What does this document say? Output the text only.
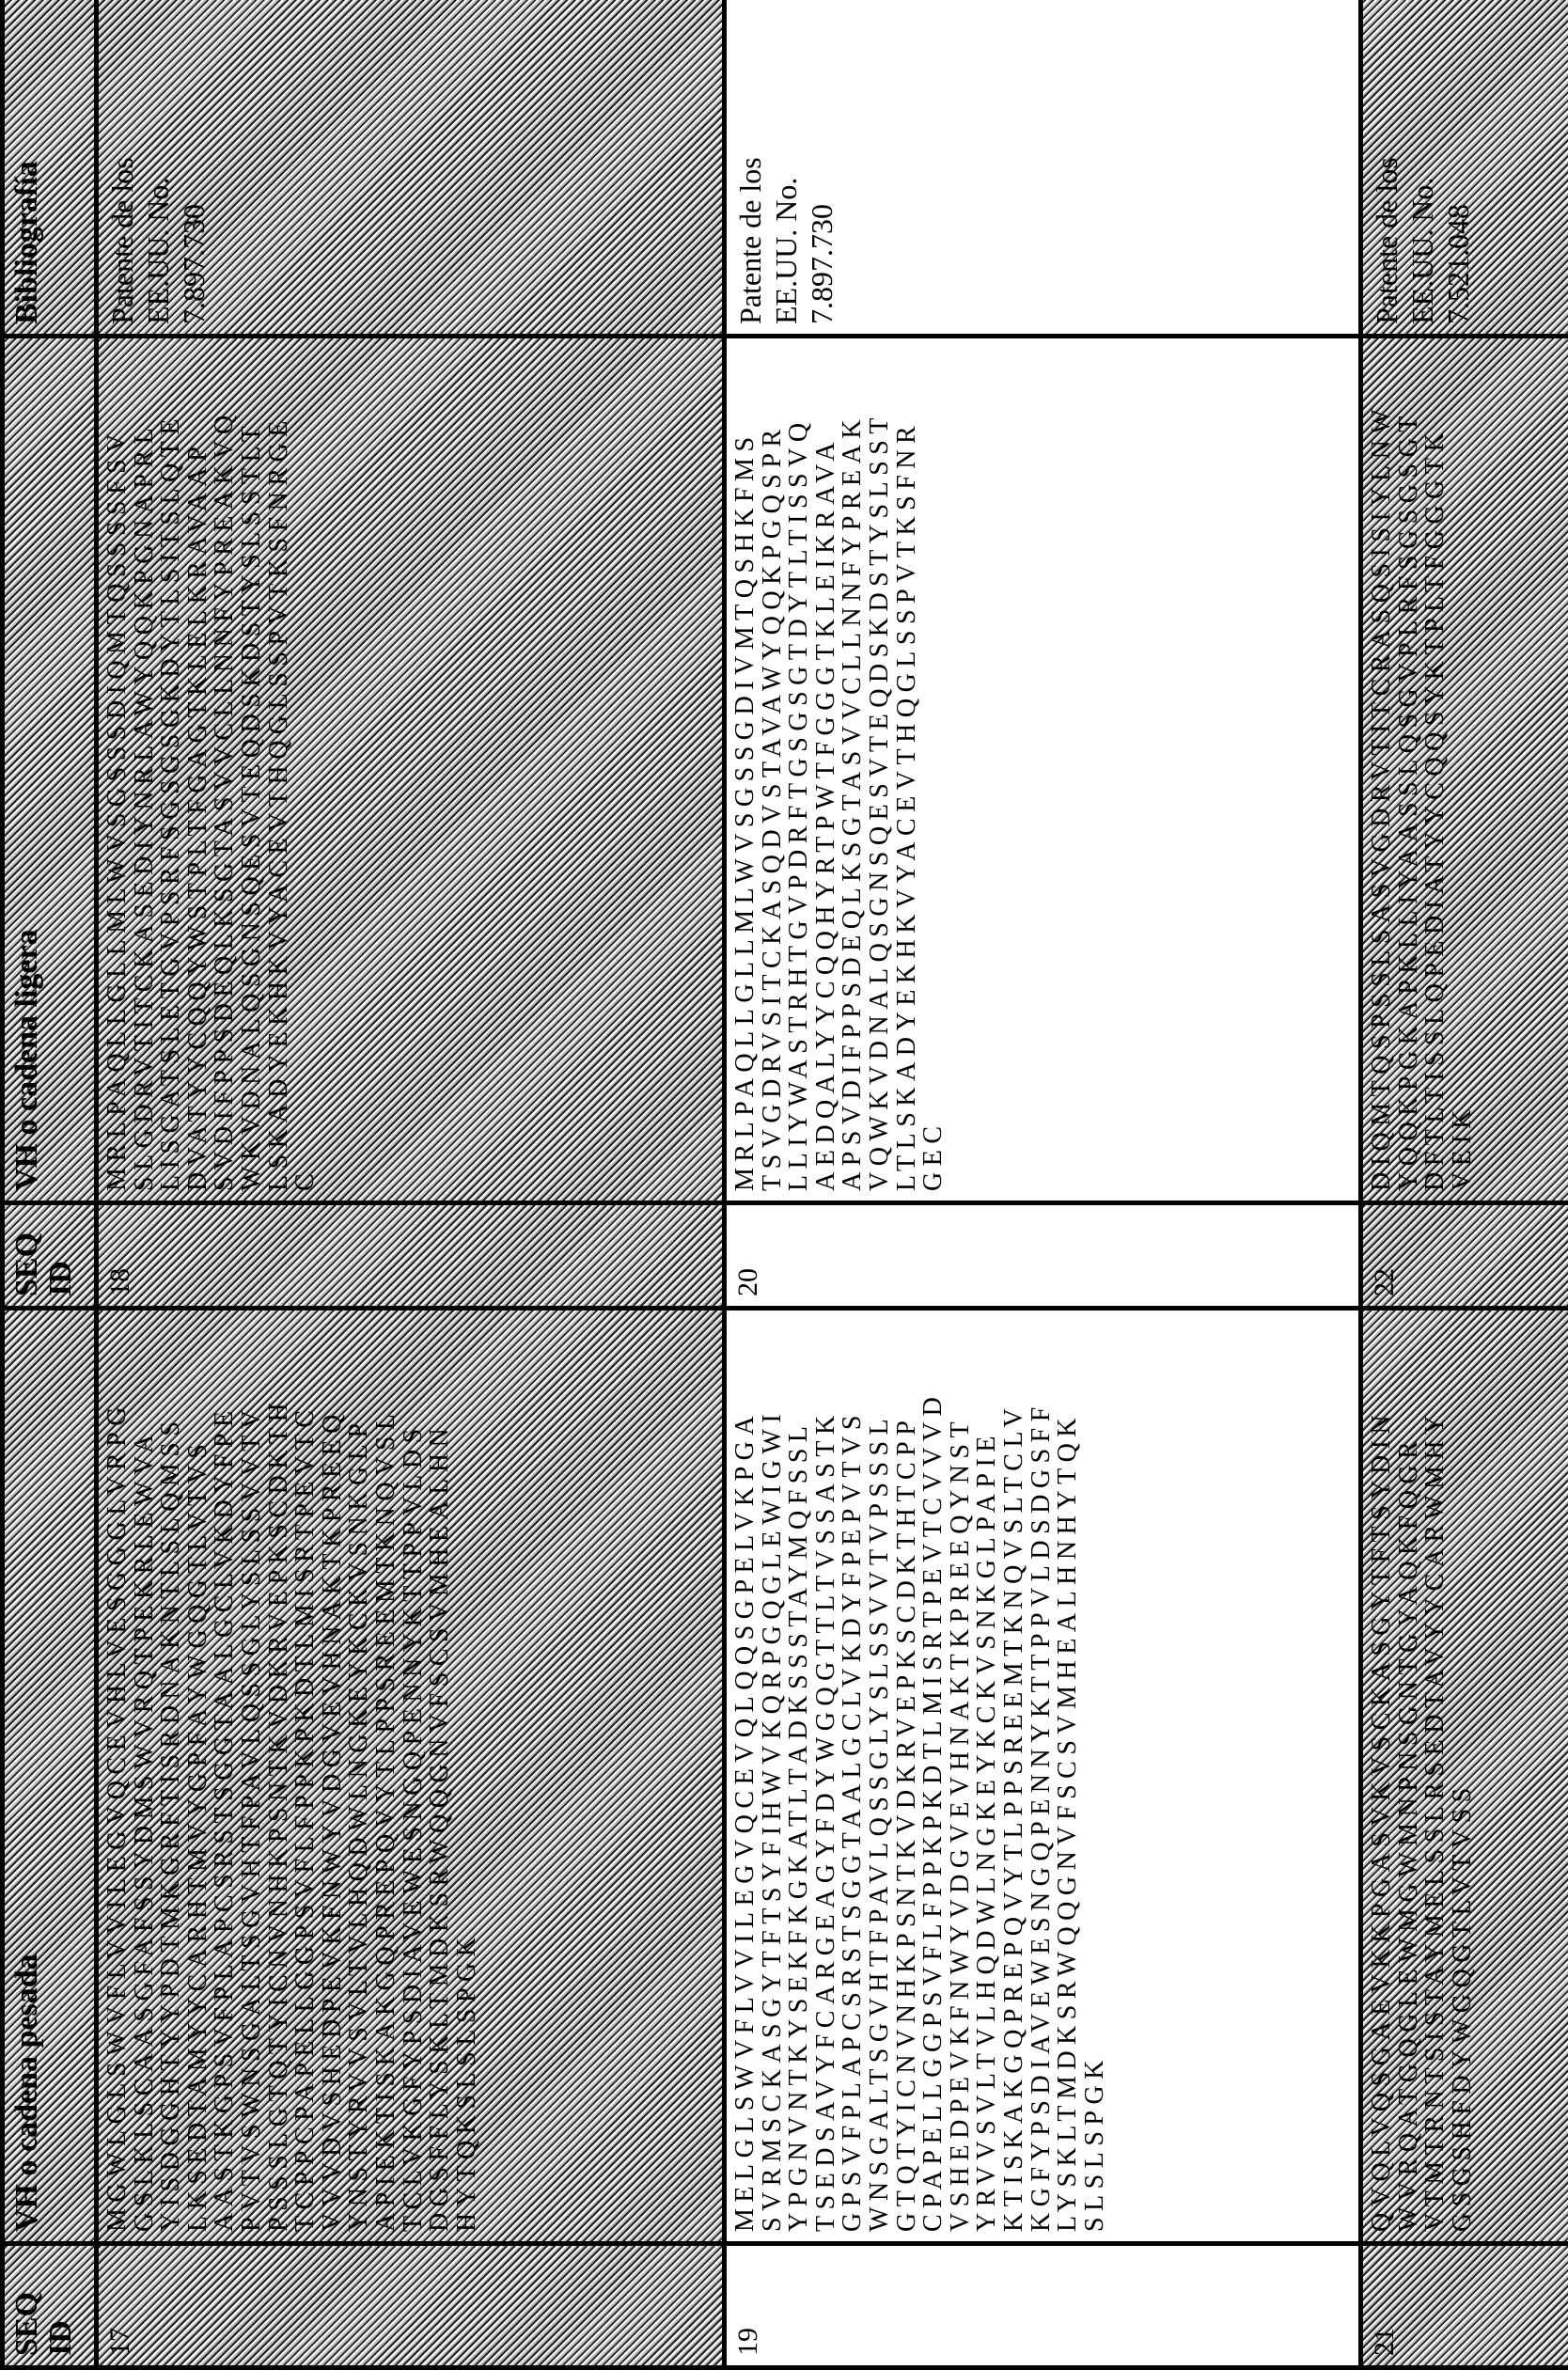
SEQ ID	VH o cadena pesada	SEQ ID	VH o cadena ligera	Bibliografía
17	
MGWLGLSWVFLVVILEGVQCEVHLVESGGGLVRPG
GSLKLSCAASGFAFSSYDMSWVRQTPEKRLEWVA
YISDGGHTYYPDTMKGRFTISRDNAKNTLSLQMSS
LKSEDTAMYYCARHTMVYGPFAYWGQGTLVTVS
AASTKGPSVFPLAPCSRSTSGGTAALGCLVKDYFPE
PVTVSWNSGALTSGVHTFPAVLQSSGLYSLSSVVTV
PSSSLGTQTYICNVNHKPSNTKVDKRVEPKSCDKTH
TCPPCPAPELLGGPSVFLFPPKPKDTLMISRTPEVTC
VVVDVSHEDPEVKFNWYVDGVEVHNAKTKPREEQ
YNSTYRVVSVLTVLHQDWLNGKEYKCKVSNKGLP
APIEKTISKAKGQPREPQVYTLPPSREEMTKNQVSL
TCLVKGFYPSDIAVEWESNGQPENNYKTTPPVLDS
DGSFFLYSKLTMDKSRWQQGNVFSCSVMHEALHN
HYTQKSLSLSPGK
	18	
MRLPAQLLGLLMLWVSGSSSDIQMTQSSSSFSV
SLGDRVTITCKASEDIYNRLAWYQQKPGNAPRL
LISGATSLETGVPSRFSGSGSGKDYTLSITSLQTE
DVATYYCQQYWSTPLTFGAGTKLELKRAVAAP
SVDIFPPSDEQLKSGTASVVCLLNNFYPREAKVQ
WKVDNALQSGNSQESVTEQDSKDSTYSLSSTLT
LSKADYEKHKVYACEVTHQGLSSPVTKSFNRGE
C

Patente de los EE.UU. No. 7.897.730

19	
MELGLSWVFLVVILEGVQCEVQLQQSGPELVKPGA
SVRMSCKASGYTFTSYFIHWVKQRPGQGLEWIGWI
YPGNVNTKYSEKFKGKATLTADKSSSTAYMQFSSL
TSEDSAVYFCARGEAGYFDYWGQGTTLTVSSASTK
GPSVFPLAPCSRSTSGGTAALGCLVKDYFPEPVTVS
WNSGALTSGVHTFPAVLQSSGLYSLSSVVTVPSSSL
GTQTYICNVNHKPSNTKVDKRVEPKSCDKTHTCPP
CPAPELLGGPSVFLFPPKPKDTLMISRTPEVTCVVVD
VSHEDPEVKFNWYVDGVEVHNAKTKPREEQYNST
YRVVSVLTVLHQDWLNGKEYKCKVSNKGLPAPIE
KTISKAKGQPREPQVYTLPPSREEMTKNQVSLTCLV
KGFYPSDIAVEWESNGQPENNYKTTPPVLDSDGSFF
LYSKLTMDKSRWQQGNVFSCSVMHEALHNHYTQK
SLSLSPGK
	20	
MRLPAQLLGLLMLWVSGSSGDIVMTQSHKFMS
TSVGDRVSITCKASQDVSTAVAWYQQKPGQSPR
LLIYWASTRHTGVPDRFTGSGSGTDYTLTISSVQ
AEDQALYYCQQHYRTPWTFGGGTKLEIKRAVA
APSVDIFPPSDEQLKSGTASVVCLLNNFYPREAK
VQWKVDNALQSGNSQESVTEQDSKDSTYSLSST
LTLSKADYEKHKVYACEVTHQGLSSPVTKSFNR
GEC

Patente de los EE.UU. No. 7.897.730

21	
QVQLVQSGAEVKKPGASVKVSCKASGYTFTSYDIN
WVRQATGQGLEWMGWMNPNSGNTGYAQKFQGR
VTMTRNTSISTAYMELSSLRSEDTAVYYCARWMHY
GSGSHFDYWGQGTLVTVSS
	22	
DIQMTQSPSSLSASVGDRVTITCRASQSISIYLNW
YQQKPGKAPKLLIYAASSLQSGVPLRFSGSGSGT
DFTLTISSLQPEDIATYYCQQSYKTPLTFGGGTK
VEIK

Patente de los EE.UU. No. 7.521.048
